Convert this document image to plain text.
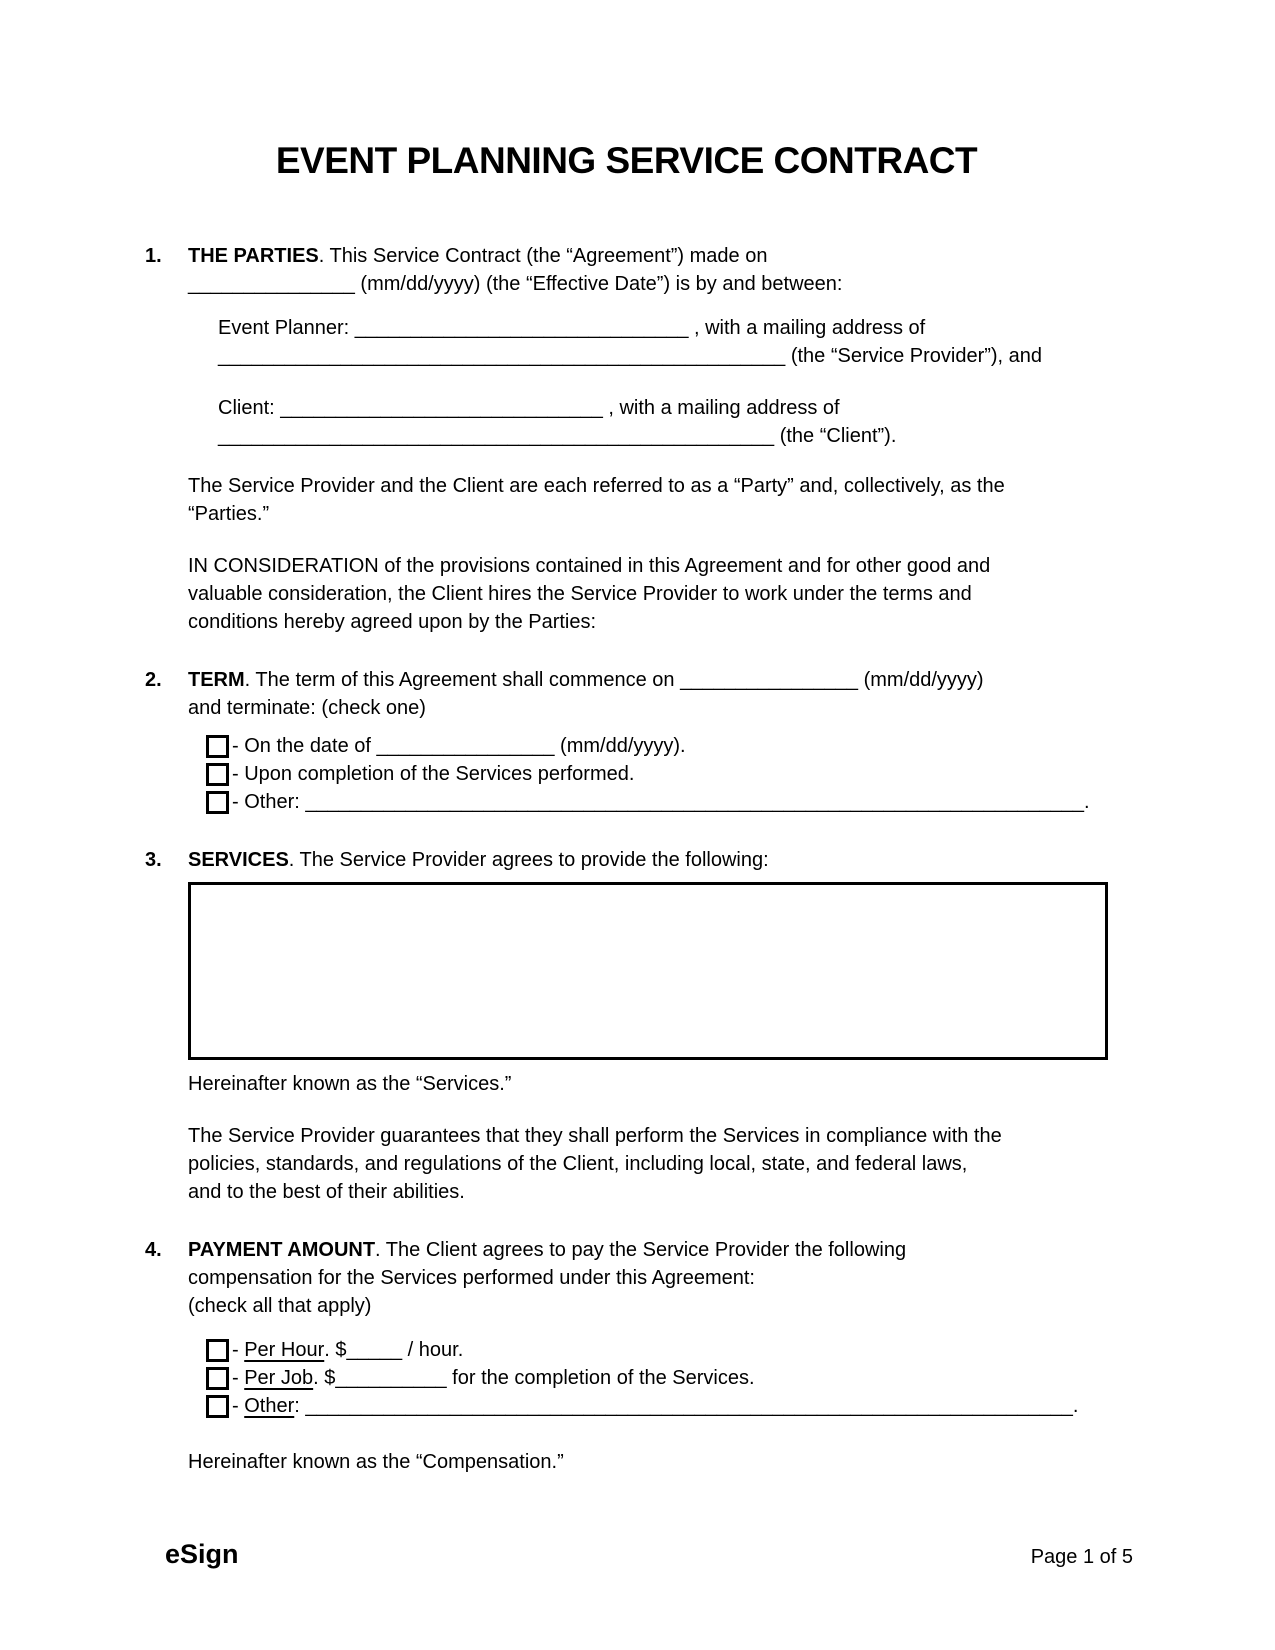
EVENT PLANNING SERVICE CONTRACT
1.	THE PARTIES. This Service Contract (the “Agreement”) made on
_______________ (mm/dd/yyyy) (the “Effective Date”) is by and between:
Event Planner: ______________________________ , with a mailing address of
___________________________________________________ (the “Service Provider”), and
Client: _____________________________ , with a mailing address of
__________________________________________________ (the “Client”).
The Service Provider and the Client are each referred to as a “Party” and, collectively, as the
“Parties.”
IN CONSIDERATION of the provisions contained in this Agreement and for other good and
valuable consideration, the Client hires the Service Provider to work under the terms and
conditions hereby agreed upon by the Parties:
2.	TERM. The term of this Agreement shall commence on ________________ (mm/dd/yyyy)
and terminate: (check one)
- On the date of ________________ (mm/dd/yyyy).
- Upon completion of the Services performed.
- Other: ______________________________________________________________________.
3.	SERVICES. The Service Provider agrees to provide the following:
Hereinafter known as the “Services.”
The Service Provider guarantees that they shall perform the Services in compliance with the
policies, standards, and regulations of the Client, including local, state, and federal laws,
and to the best of their abilities.
4.	PAYMENT AMOUNT. The Client agrees to pay the Service Provider the following
compensation for the Services performed under this Agreement:
(check all that apply)
- Per Hour . $_____ / hour.
- Per Job . $__________ for the completion of the Services.
- Other : _____________________________________________________________________.
Hereinafter known as the “Compensation.”
eSign	Page 1 of 5
